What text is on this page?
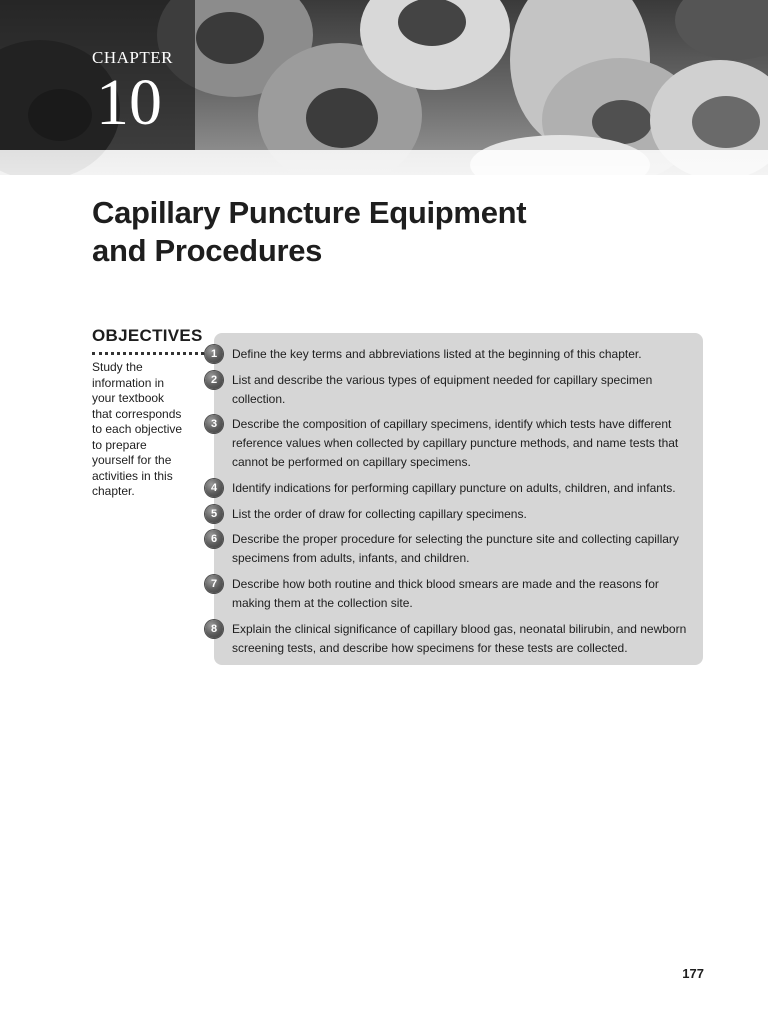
CHAPTER
10
Capillary Puncture Equipment
and Procedures
OBJECTIVES
Study the information in your textbook that corresponds to each objective to prepare yourself for the activities in this chapter.
1	Define the key terms and abbreviations listed at the beginning of this chapter.
2	List and describe the various types of equipment needed for capillary specimen collection.
3	Describe the composition of capillary specimens, identify which tests have different reference values when collected by capillary puncture methods, and name tests that cannot be performed on capillary specimens.
4	Identify indications for performing capillary puncture on adults, children, and infants.
5	List the order of draw for collecting capillary specimens.
6	Describe the proper procedure for selecting the puncture site and collecting capillary specimens from adults, infants, and children.
7	Describe how both routine and thick blood smears are made and the reasons for making them at the collection site.
8	Explain the clinical significance of capillary blood gas, neonatal bilirubin, and newborn screening tests, and describe how specimens for these tests are collected.
177
